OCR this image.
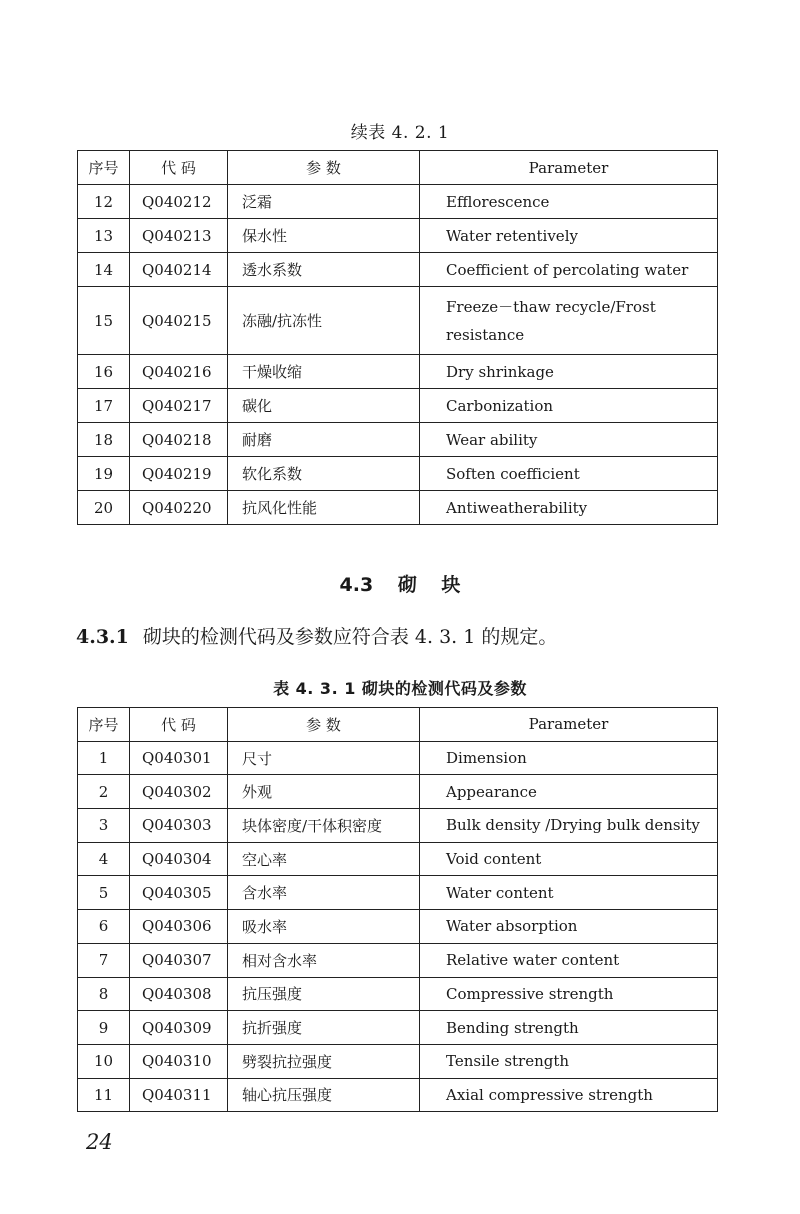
续表 4. 2. 1
序号	代 码	参 数	Parameter
12	Q040212	泛霜	Efflorescence
13	Q040213	保水性	Water retentively
14	Q040214	透水系数	Coefficient of percolating water
15	Q040215	冻融/抗冻性	Freeze－thaw recycle/Frost resistance
16	Q040216	干燥收缩	Dry shrinkage
17	Q040217	碳化	Carbonization
18	Q040218	耐磨	Wear ability
19	Q040219	软化系数	Soften coefficient
20	Q040220	抗风化性能	Antiweatherability
4.3 砌 块
4.3.1 砌块的检测代码及参数应符合表 4. 3. 1 的规定。
表 4. 3. 1 砌块的检测代码及参数
序号	代 码	参 数	Parameter
1	Q040301	尺寸	Dimension
2	Q040302	外观	Appearance
3	Q040303	块体密度/干体积密度	Bulk density /Drying bulk density
4	Q040304	空心率	Void content
5	Q040305	含水率	Water content
6	Q040306	吸水率	Water absorption
7	Q040307	相对含水率	Relative water content
8	Q040308	抗压强度	Compressive strength
9	Q040309	抗折强度	Bending strength
10	Q040310	劈裂抗拉强度	Tensile strength
11	Q040311	轴心抗压强度	Axial compressive strength
24
